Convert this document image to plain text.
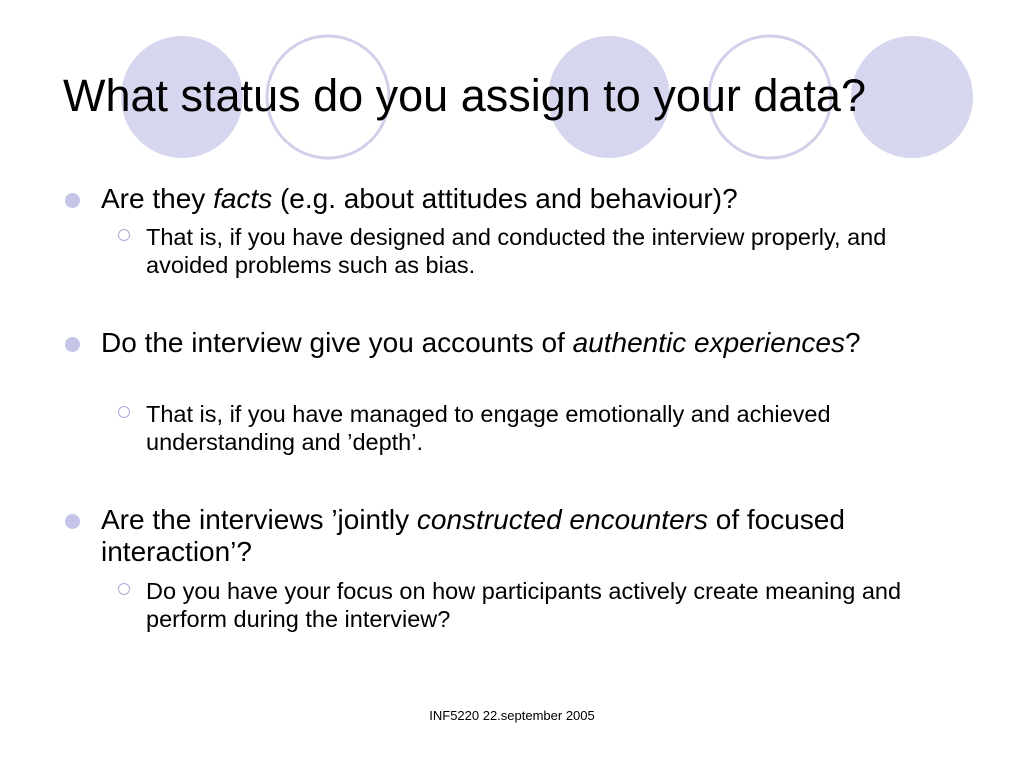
What status do you assign to your data?
Are they facts (e.g. about attitudes and behaviour)?
That is, if you have designed and conducted the interview properly, and avoided problems such as bias.
Do the interview give you accounts of authentic experiences?
That is, if you have managed to engage emotionally and achieved understanding and ’depth’.
Are the interviews ’jointly constructed encounters of focused interaction’?
Do you have your focus on how participants actively create meaning and perform during the interview?
INF5220 22.september 2005
